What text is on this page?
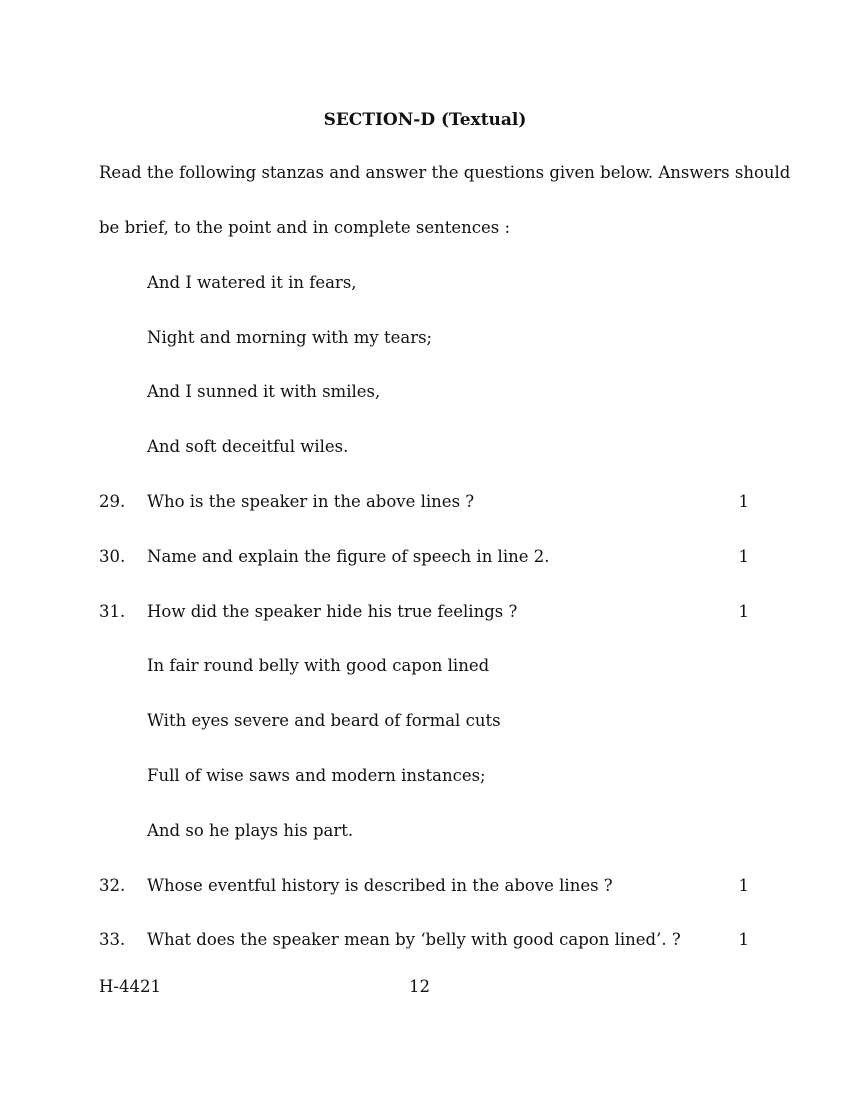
SECTION-D (Textual)
Read the following stanzas and answer the questions given below. Answers should
be brief, to the point and in complete sentences :
And I watered it in fears,
Night and morning with my tears;
And I sunned it with smiles,
And soft deceitful wiles.
29. Who is the speaker in the above lines ?	1
30. Name and explain the figure of speech in line 2.	1
31. How did the speaker hide his true feelings ?	1
In fair round belly with good capon lined
With eyes severe and beard of formal cuts
Full of wise saws and modern instances;
And so he plays his part.
32. Whose eventful history is described in the above lines ?	1
33. What does the speaker mean by ‘belly with good capon lined’. ?	1
H-4421	12
